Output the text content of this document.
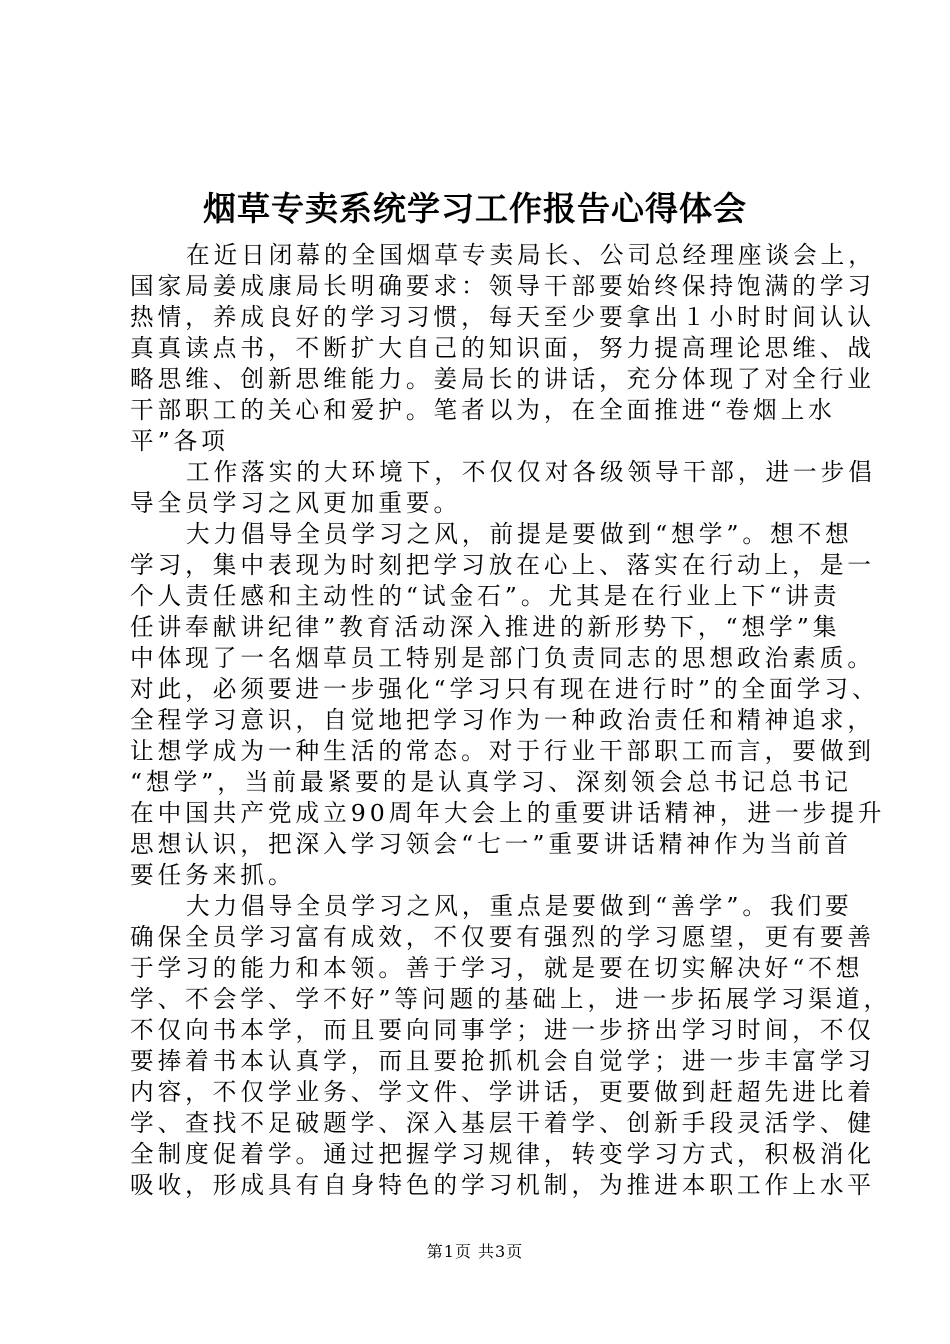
烟草专卖系统学习工作报告心得体会

在近日闭幕的全国烟草专卖局长、公司总经理座谈会上，
国家局姜成康局长明确要求：领导干部要始终保持饱满的学习
热情，养成良好的学习习惯，每天至少要拿出１小时时间认认
真真读点书，不断扩大自己的知识面，努力提高理论思维、战
略思维、创新思维能力。姜局长的讲话，充分体现了对全行业
干部职工的关心和爱护。笔者以为，在全面推进“卷烟上水
平”各项

工作落实的大环境下，不仅仅对各级领导干部，进一步倡
导全员学习之风更加重要。

大力倡导全员学习之风，前提是要做到“想学”。想不想
学习，集中表现为时刻把学习放在心上、落实在行动上，是一
个人责任感和主动性的“试金石”。尤其是在行业上下“讲责
任讲奉献讲纪律”教育活动深入推进的新形势下，“想学”集
中体现了一名烟草员工特别是部门负责同志的思想政治素质。
对此，必须要进一步强化“学习只有现在进行时”的全面学习、
全程学习意识，自觉地把学习作为一种政治责任和精神追求，
让想学成为一种生活的常态。对于行业干部职工而言，要做到
“想学”，当前最紧要的是认真学习、深刻领会总书记总书记
在中国共产党成立90周年大会上的重要讲话精神，进一步提升
思想认识，把深入学习领会“七一”重要讲话精神作为当前首
要任务来抓。

大力倡导全员学习之风，重点是要做到“善学”。我们要
确保全员学习富有成效，不仅要有强烈的学习愿望，更有要善
于学习的能力和本领。善于学习，就是要在切实解决好“不想
学、不会学、学不好”等问题的基础上，进一步拓展学习渠道，
不仅向书本学，而且要向同事学；进一步挤出学习时间，不仅
要捧着书本认真学，而且要抢抓机会自觉学；进一步丰富学习
内容，不仅学业务、学文件、学讲话，更要做到赶超先进比着
学、查找不足破题学、深入基层干着学、创新手段灵活学、健
全制度促着学。通过把握学习规律，转变学习方式，积极消化
吸收，形成具有自身特色的学习机制，为推进本职工作上水平

第1页 共3页
